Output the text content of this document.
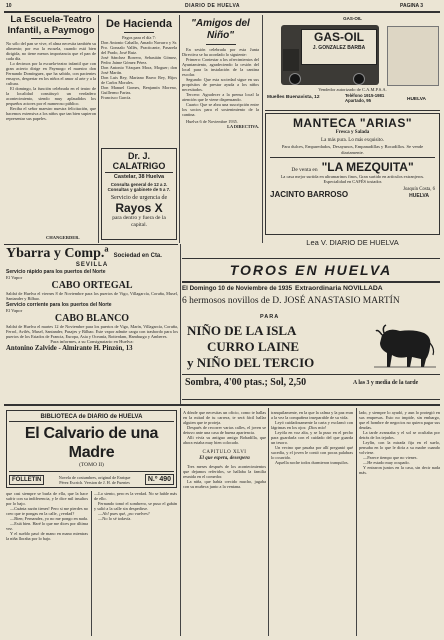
10	DIARIO DE HUELVA	PAGINA 3
La Escuela-Teatro Infantil, a Paymogo

No sólo del pan se vive, el alma necesita también su alimento; por eso la escuela, cuando está bien dirigida, no tiene menos importancia que el pan de cada día.

Lo decimos por la escuela-teatro infantil que con gran acierto dirige en Paymogo el maestro don Fernando Domínguez, que ha sabido, con pacientes ensayos, despertar en los niños el amor al arte y a la cultura.

El domingo, la función celebrada en el teatro de la localidad constituyó un verdadero acontecimiento, siendo muy aplaudidos los pequeños actores por el numeroso público.

Reciba el señor maestro nuestra felicitación, que hacemos extensiva a los niños que tan bien supieron representar sus papeles.

CHANGERDER.
De Hacienda

Pagos para el día 7:

Don Antonio Caballo, Amado Navarro y Sr. Pro. Gonzalo Vallés, Practicante, Pasarela del Prado, José Ruiz.

José Sánchez Borrero, Sebastián Gómez, Pedro Jaime Gómez Pérez.

Don Antonio Vázquez Mora, Moguer; don José Martín.

Don Luis Rey, Mariano Bravo Rey, Hijos de Carlos Morales.

Don Manuel Gomes, Benjamín Moreno, Guillermo Farias.

Francisco García.

Dr. J. CALATRIGO
Castelar, 38 Huelva
Consulta general de 12 a 2. Consultas y gabinete de 5 a 7.
Servicio de urgencia de
Rayos X
para dentro y fuera de la capital.
"Amigos del Niño"

En sesión celebrada por esta Junta Directiva se ha acordado lo siguiente:

Primero: Contestar a los ofrecimientos del Ayuntamiento, agradeciendo la cesión del local para la instalación de la cantina escolar.

Segundo: Que esta sociedad sigue en sus propósitos de prestar ayuda a los niños necesitados.

Tercero: Agradecer a la prensa local la atención que le viene dispensando.

Cuarto: Que se abra una suscripción entre los socios para el sostenimiento de la cantina.

Huelva 6 de Noviembre 1935.

LA DIRECTIVA.

GAS-OIL
GAS-OIL
J. GONZALEZ BARBA
Vendedor autorizado de C.A.M.P.S.A.
Muelles Buenavista, 12	Teléfono 1915-1981 Apartado, 95	HUELVA
MANTECA "ARIAS"
Fresca y Salada
La más pura. Lo más exquisito.
Para dulces, Emparedados, Desayunos, Empanadillas y Bocadillos. Se vende diariamente.
De venta en "LA MEZQUITA"
La casa mejor surtida en ultramarinos finos, Gran surtido en artículos extranjeros. Especialidad en CAFÉS tostados
JACINTO BARROSO	Joaquín Costa, 6
HUELVA
Lea V. DIARIO DE HUELVA
Ybarra y Comp.ª Sociedad en Cta.
SEVILLA
Servicio rápido para los puertos del Norte
El Vapor
CABO ORTEGAL

Saldrá de Huelva el viernes 8 de Noviembre para los puertos de Vigo, Villagarcía, Coruña, Musel, Santander y Bilbao.

Servicio corriente para los puertos del Norte
El Vapor
CABO BLANCO

Saldrá de Huelva el martes 12 de Noviembre para los puertos de Vigo, Marín, Villagarcía, Coruña, Ferrol, Avilés, Musel, Santander, Pasajes y Bilbao. Este vapor admite carga con trasbordo para los puertos de los Estados de Francia, Europa, Asia y Oceanía, Rotterdam, Hamburgo y Amberes.

Para informes, a su Consignatario en Huelva:
Antonino Zalvide - Almirante H. Pinzón, 13
TOROS EN HUELVA
El Domingo 10 de Noviembre de 1935 Extraordinaria NOVILLADA
6 hermosos novillos de D. JOSÉ ANASTASIO MARTÍN
PARA
NIÑO DE LA ISLA
CURRO LAINE
y NIÑO DEL TERCIO
Sombra, 4'00 ptas.; Sol, 2,50	A las 3 y media de la tarde
BIBLIOTECA de DIARIO de HUELVA
El Calvario de una Madre
(TOMO II)
FOLLETIN	Novela de costumbres, original de Enrique Pérez Escrich. Version de J. H. de Fuentes	N.º 490

que casi siempre se burla de ella, que la hace sufrir con su indiferencia, y le dice mil insultos por lo bajo.

—Cuánta razón tienes! Pero si me pierdes no creo que te pongas en la calle, ¿verdad?

—Bien; Fernandez, yo no me pongo en nada.

—Está bien. Haré lo que me dices por última vez.

Y el sueldo pasó de mano en mano mientras la niña lloraba por lo bajo.

—Lo siento, pero es la verdad. No se hable más de ello.

Fernando tomó el sombrero, se puso el gabán y salió a la calle sin despedirse.

—Ah! pues qué, ¿no vuelves?

—No lo sé todavía.

A dónde que necesitas un oficio, como te hallas en la mitad de tu carrera, te será fácil hallar alguien que te proteja.

Después de recorrer varias calles, el joven se detuvo ante una casa de buena apariencia.

Alli vivía su antiguo amigo Bobadilla, que ahora estaba muy bien colocado.

CAPITULO XLVI
El que espera, desespera

Tres meses después de los acontecimientos que dejamos referidos, se hallaba la familia reunida en el comedor.

La niña, que había crecido mucho, jugaba con su muñeca junto a la ventana.

tranquilamente, en la que la calma y la paz eran a la vez la compañera inseparable de su vida.

Leyó cuidadosamente la carta y exclamó con lágrimas en los ojos: ¡Dios mío!

Leyóla en voz alta, y se la puso en el pecho para guardarla con el cuidado del que guarda un tesoro.

Un vecino que pasaba por allí preguntó qué sucedía, y el joven le contó con pocas palabras lo ocurrido.

Aquella noche todos durmieron tranquilos.

lado, y siempre lo ayudó, y aun lo protegió en sus empresas. Esto no impide, sin embargo, que el hombre de negocios no quiera pagar sus deudas.

La tarde avanzaba y el sol se ocultaba por detrás de los tejados.

Leylín, con la mirada fija en el suelo, pensaba en lo que le diría a su madre cuando volviese.

—Parece tiempo que no vienes.

—He estado muy ocupado.

Y entraron juntos en la casa, sin decir nada más.
